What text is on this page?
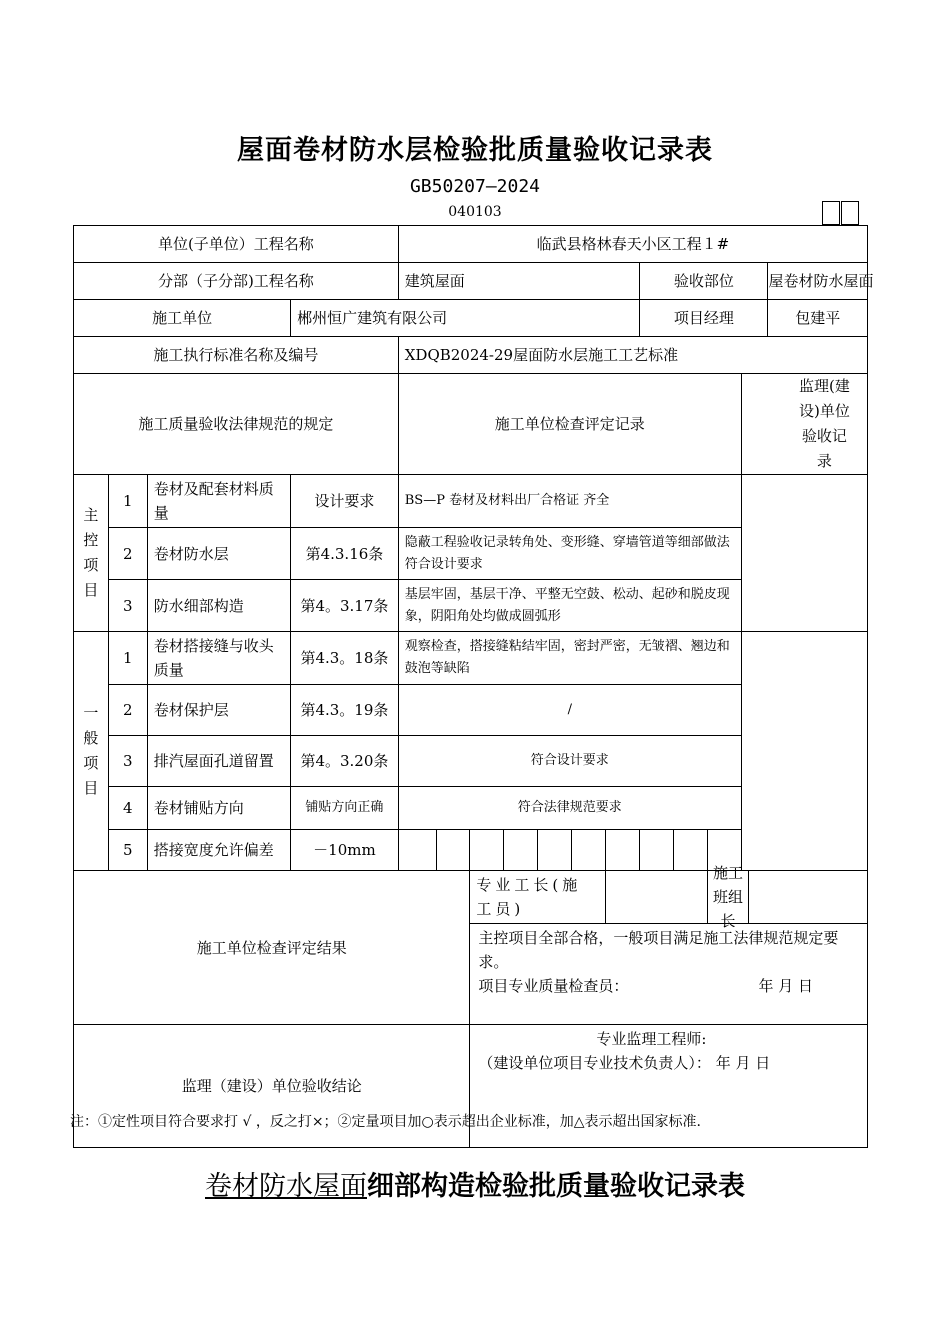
屋面卷材防水层检验批质量验收记录表
GB50207—2024
040103
单位(子单位）工程名称				临武县格林春天小区工程１#											
分部（子分部)工程名称				建筑屋面							验收部位				屋卷材防水屋面
施工单位			郴州恒广建筑有限公司								项目经理				包建平
施工执行标准名称及编号				XDQB2024-29屋面防水层施工工艺标准											
施工质量验收法律规范的规定				施工单位检查评定记录										监理(建设)单位验收记录	

主控项目	1	卷材及配套材料质量	设计要求	BS—P 卷材及材料出厂合格证 齐全											
	2	卷材防水层	第4.3.16条	隐蔽工程验收记录转角处、变形缝、穿墙管道等细部做法符合设计要求											
	3	防水细部构造	第4。3.17条	基层牢固，基层干净、平整无空鼓、松动、起砂和脱皮现象，阴阳角处均做成圆弧形											

一般项目	1	卷材搭接缝与收头质量	第4.3。18条	观察检查，搭接缝粘结牢固，密封严密，无皱褶、翘边和鼓泡等缺陷											
	2	卷材保护层	第4.3。19条	/											
	3	排汽屋面孔道留置	第4。3.20条	符合设计要求											
	4	卷材铺贴方向	铺贴方向正确	符合法律规范要求											
	5	搭接宽度允许偏差	－10mm												
施工单位检查评定结果						专业工长(施工员)							施工班组长		

						主控项目全部合格，一般项目满足施工法律规范规定要求。
项目专业质量检查员： 年 月 日									

监理（建设）单位验收结论						专业监理工程师:
（建设单位项目专业技术负责人）： 年 月 日									
注：①定性项目符合要求打 √ ，反之打×；②定量项目加○表示超出企业标准，加△表示超出国家标准.
卷材防水屋面细部构造检验批质量验收记录表
